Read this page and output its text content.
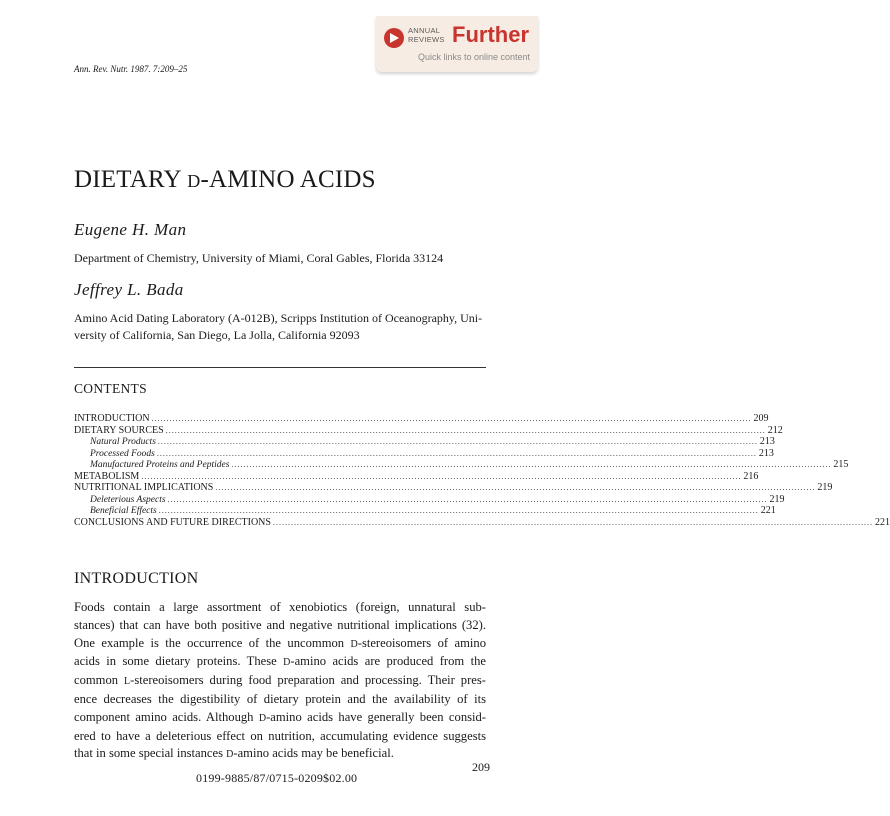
ANNUAL
REVIEWS Further
Quick links to online content
Ann. Rev. Nutr. 1987. 7:209–25
DIETARY D-AMINO ACIDS
Eugene H. Man
Department of Chemistry, University of Miami, Coral Gables, Florida 33124
Jeffrey L. Bada
Amino Acid Dating Laboratory (A-012B), Scripps Institution of Oceanography, Uni-
versity of California, San Diego, La Jolla, California 92093
CONTENTS
INTRODUCTION ........................................................................................................................................................................................................ 209
DIETARY SOURCES ........................................................................................................................................................................................................ 212
Natural Products ........................................................................................................................................................................................................ 213
Processed Foods ........................................................................................................................................................................................................ 213
Manufactured Proteins and Peptides ........................................................................................................................................................................................................ 215
METABOLISM ........................................................................................................................................................................................................ 216
NUTRITIONAL IMPLICATIONS ........................................................................................................................................................................................................ 219
Deleterious Aspects ........................................................................................................................................................................................................ 219
Beneficial Effects ........................................................................................................................................................................................................ 221
CONCLUSIONS AND FUTURE DIRECTIONS ........................................................................................................................................................................................................ 221
INTRODUCTION
Foods contain a large assortment of xenobiotics (foreign, unnatural sub-
stances) that can have both positive and negative nutritional implications (32).
One example is the occurrence of the uncommon D-stereoisomers of amino
acids in some dietary proteins. These D-amino acids are produced from the
common L-stereoisomers during food preparation and processing. Their pres-
ence decreases the digestibility of dietary protein and the availability of its
component amino acids. Although D-amino acids have generally been consid-
ered to have a deleterious effect on nutrition, accumulating evidence suggests
that in some special instances D-amino acids may be beneficial.
209
0199-9885/87/0715-0209$02.00
